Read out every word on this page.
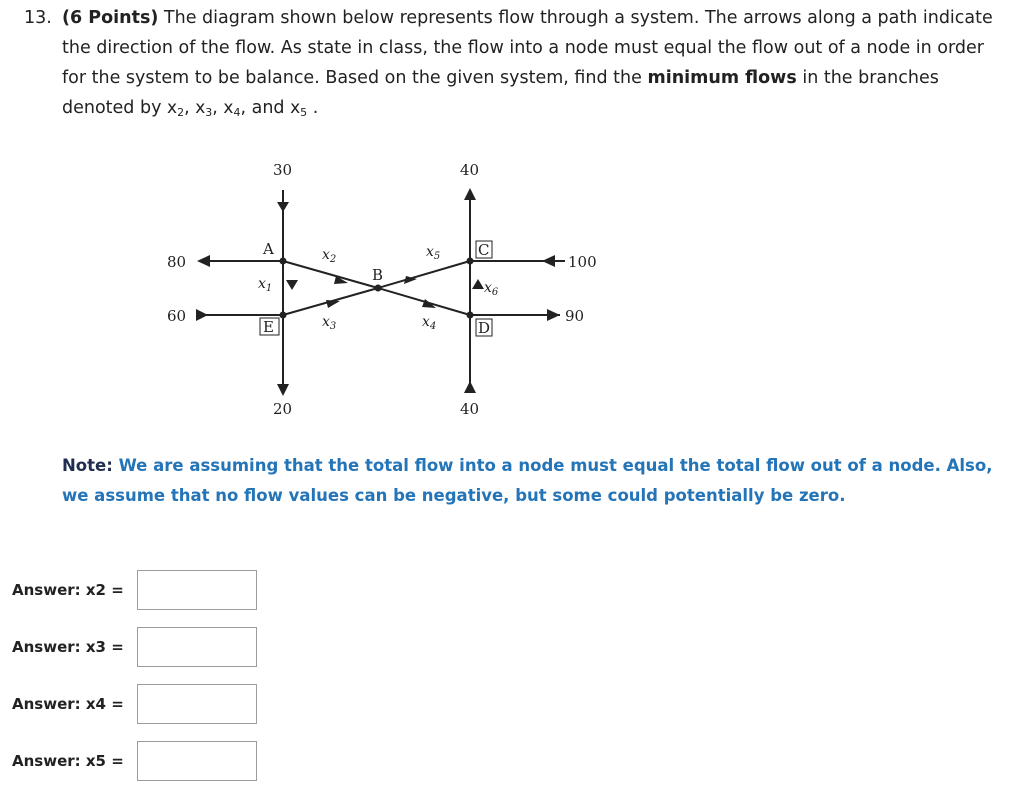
13. (6 Points) The diagram shown below represents flow through a system. The arrows along a path indicate the direction of the flow. As state in class, the flow into a node must equal the flow out of a node in order for the system to be balance. Based on the given system, find the minimum flows in the branches denoted by $x_2$, $x_3$, $x_4$, and $x_5$ .
A
B
C
D
E
30	40
80
60
100
90
20	40
$x_1$
$x_2$
$x_3$	$x_4$
$x_5$
$x_6$
Note: We are assuming that the total flow into a node must equal the total flow out of a node. Also, we assume that no flow values can be negative, but some could potentially be zero.
Answer: x2 =
Answer: x3 =
Answer: x4 =
Answer: x5 =
